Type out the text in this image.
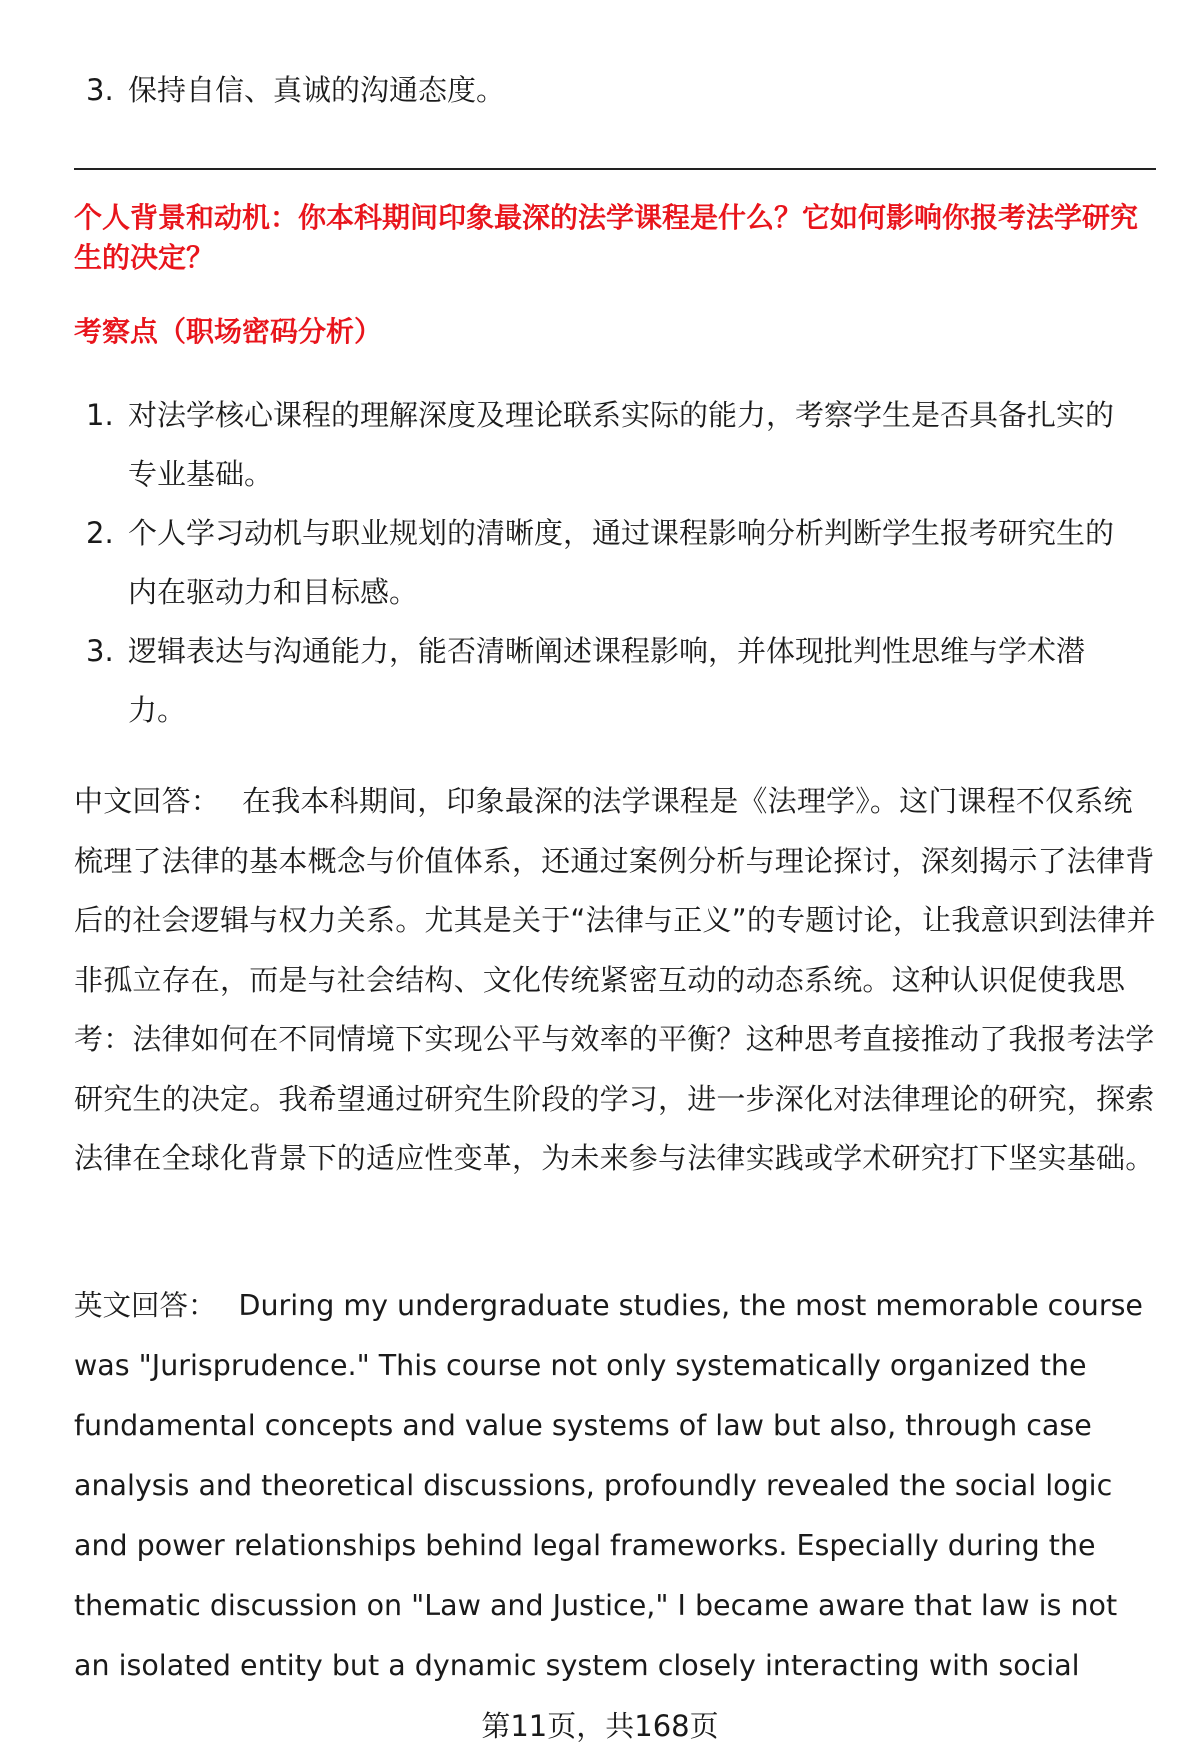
3. 保持自信、真诚的沟通态度。
个人背景和动机：你本科期间印象最深的法学课程是什么？它如何影响你报考法学研究生的决定？
考察点（职场密码分析）
1. 对法学核心课程的理解深度及理论联系实际的能力，考察学生是否具备扎实的专业基础。
2. 个人学习动机与职业规划的清晰度，通过课程影响分析判断学生报考研究生的内在驱动力和目标感。
3. 逻辑表达与沟通能力，能否清晰阐述课程影响，并体现批判性思维与学术潜力。
中文回答： 在我本科期间，印象最深的法学课程是《法理学》。这门课程不仅系统梳理了法律的基本概念与价值体系，还通过案例分析与理论探讨，深刻揭示了法律背后的社会逻辑与权力关系。尤其是关于“法律与正义”的专题讨论，让我意识到法律并非孤立存在，而是与社会结构、文化传统紧密互动的动态系统。这种认识促使我思考：法律如何在不同情境下实现公平与效率的平衡？这种思考直接推动了我报考法学研究生的决定。我希望通过研究生阶段的学习，进一步深化对法律理论的研究，探索法律在全球化背景下的适应性变革，为未来参与法律实践或学术研究打下坚实基础。
英文回答： During my undergraduate studies, the most memorable course was "Jurisprudence." This course not only systematically organized the fundamental concepts and value systems of law but also, through case analysis and theoretical discussions, profoundly revealed the social logic and power relationships behind legal frameworks. Especially during the thematic discussion on "Law and Justice," I became aware that law is not an isolated entity but a dynamic system closely interacting with social
第11页，共168页
